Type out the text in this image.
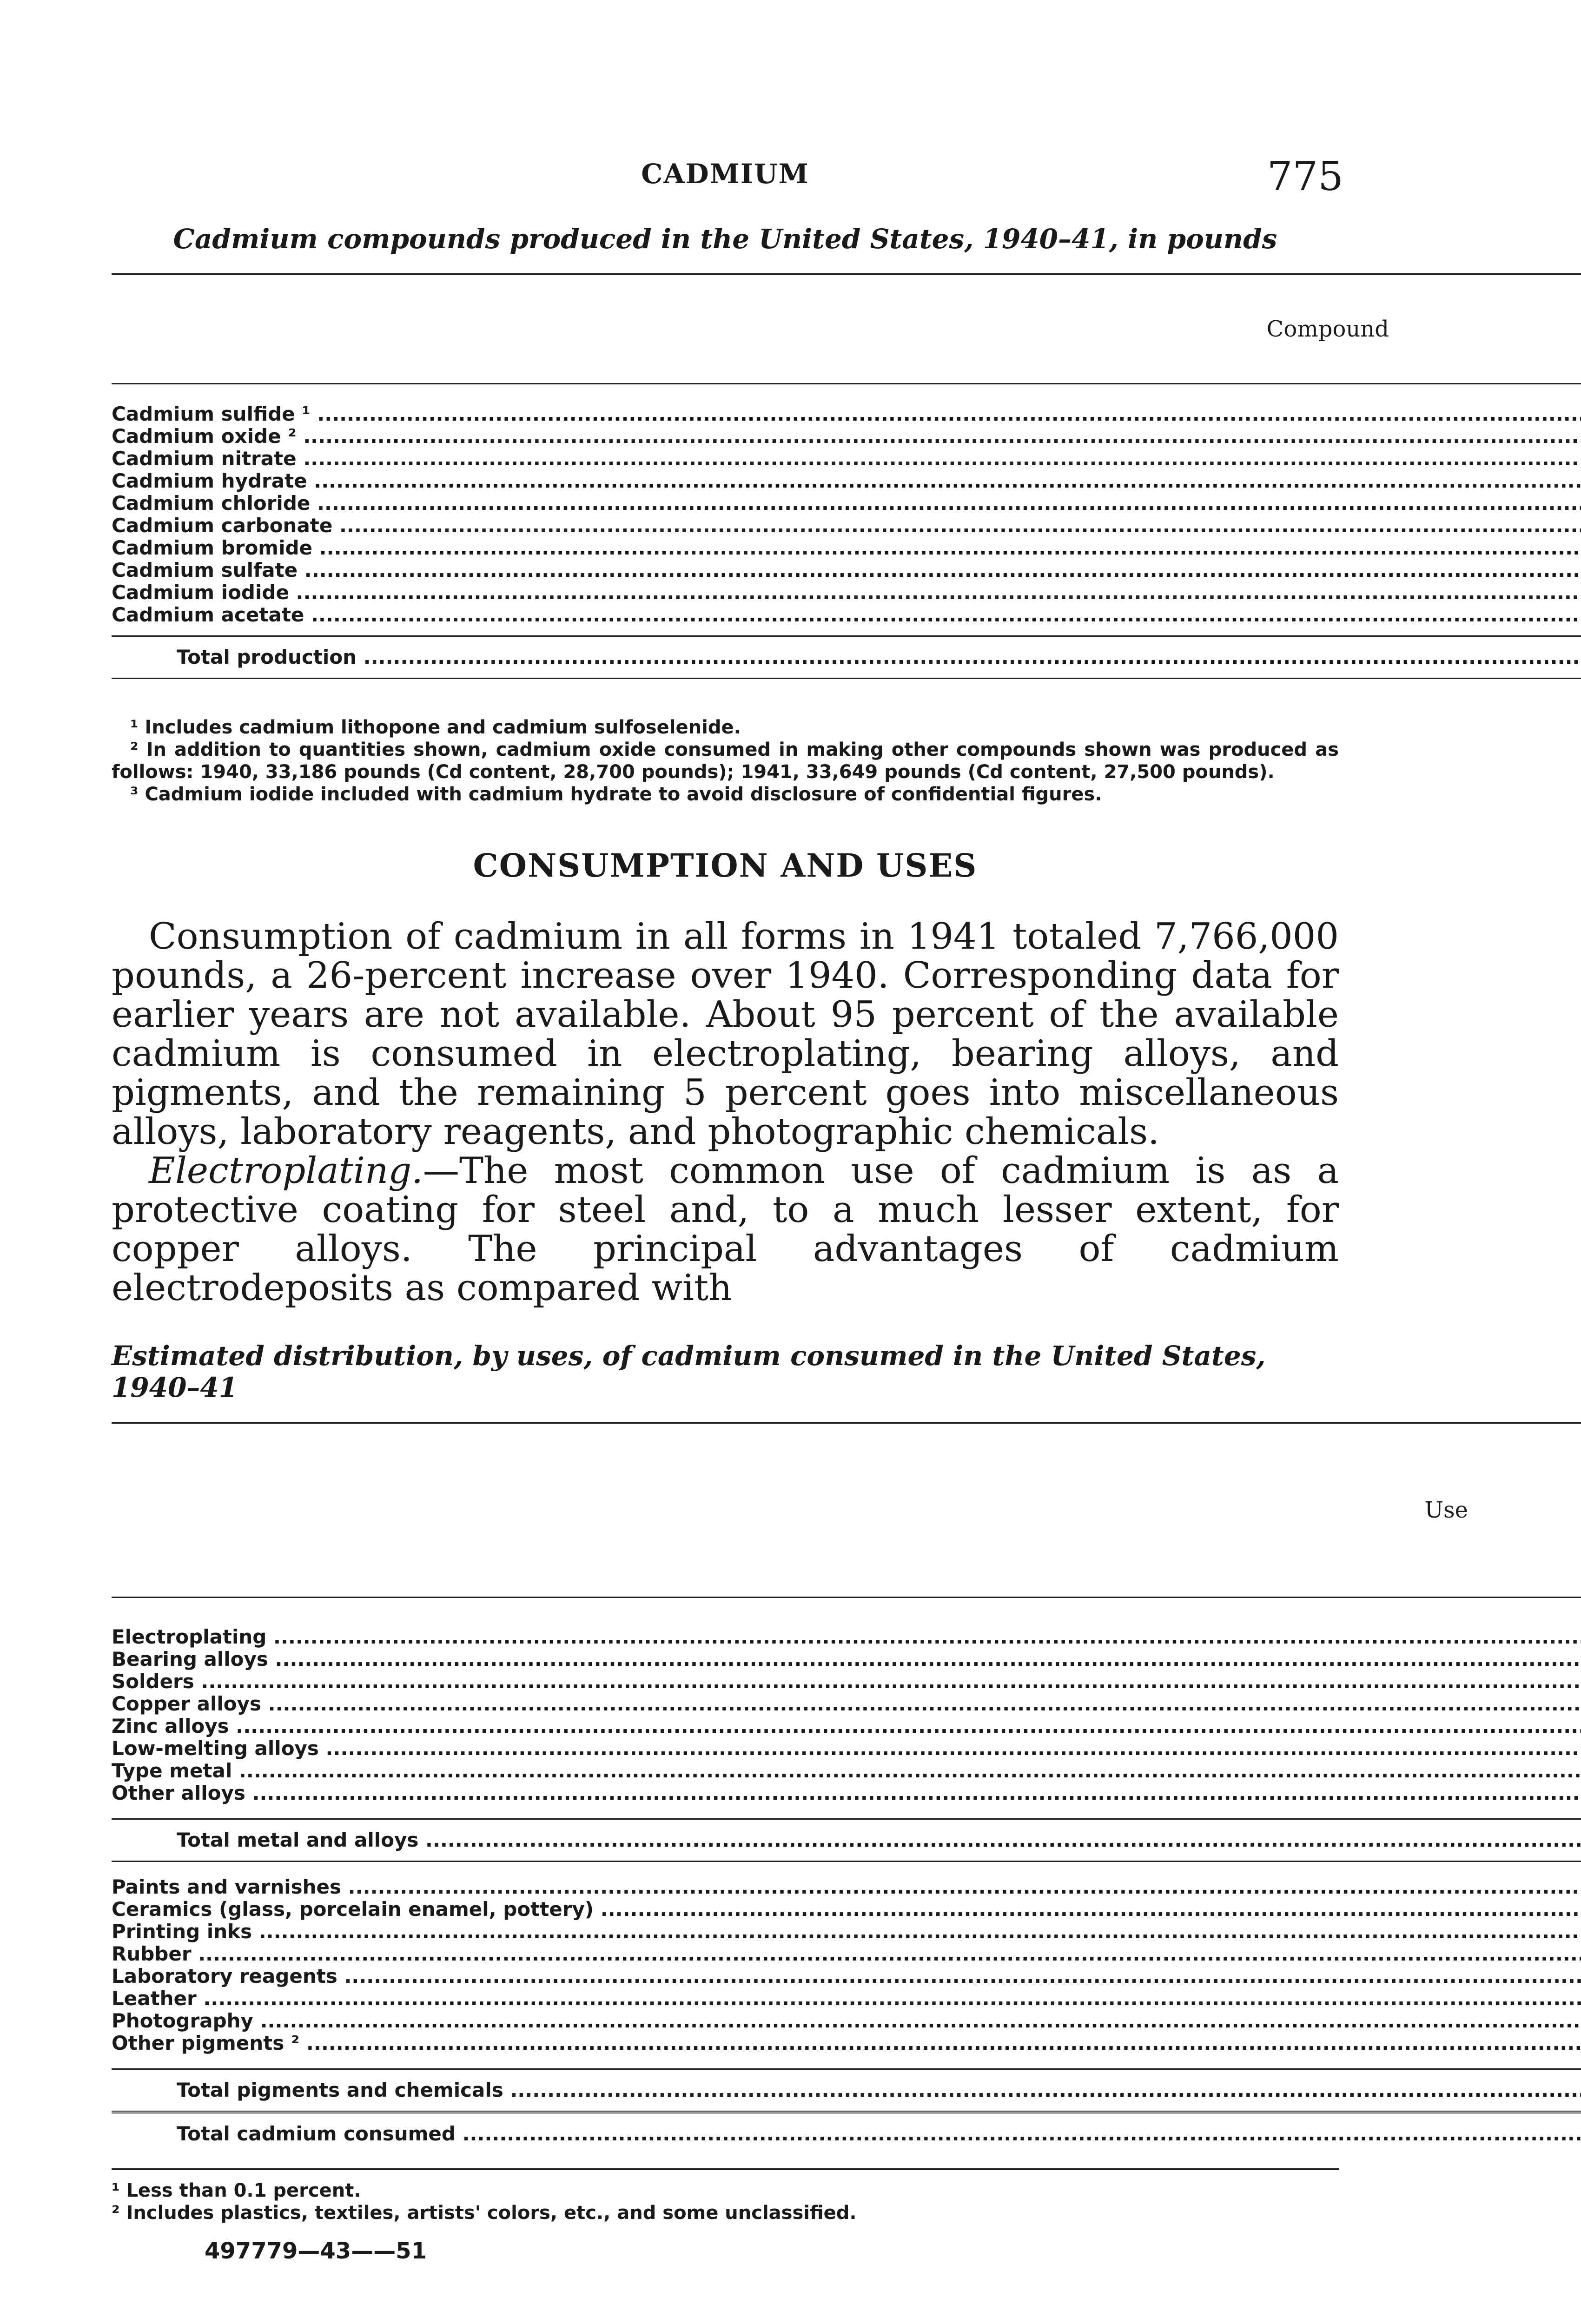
CADMIUM	775
Cadmium compounds produced in the United States, 1940–41, in pounds
Compound		

Cadmium sulfide ¹ .....

Cadmium oxide ² .....

Cadmium nitrate .....

Cadmium hydrate .....

Cadmium chloride .....

Cadmium carbonate .....

Cadmium bromide .....

Cadmium sulfate .....

Cadmium iodide .....

Cadmium acetate .....

Total production .....

¹ Includes cadmium lithopone and cadmium sulfoselenide.
² In addition to quantities shown, cadmium oxide consumed in making other compounds shown was produced as follows: 1940, 33,186 pounds (Cd content, 28,700 pounds); 1941, 33,649 pounds (Cd content, 27,500 pounds).
³ Cadmium iodide included with cadmium hydrate to avoid disclosure of confidential figures.
CONSUMPTION AND USES

Consumption of cadmium in all forms in 1941 totaled 7,766,000 pounds, a 26-percent increase over 1940. Corresponding data for earlier years are not available. About 95 percent of the available cadmium is consumed in electroplating, bearing alloys, and pigments, and the remaining 5 percent goes into miscellaneous alloys, laboratory reagents, and photographic chemicals.

Electroplating.—The most common use of cadmium is as a protective coating for steel and, to a much lesser extent, for copper alloys. The principal advantages of cadmium electrodeposits as compared with

Estimated distribution, by uses, of cadmium consumed in the United States, 1940–41
Use		

Electroplating .....

Bearing alloys .....

Solders .....

Copper alloys .....

Zinc alloys .....

Low-melting alloys .....

Type metal .....

Other alloys .....

Total metal and alloys .....

Paints and varnishes .....

Ceramics (glass, porcelain enamel, pottery) .....

Printing inks .....

Rubber .....

Laboratory reagents .....

Leather .....

Photography .....

Other pigments ² .....

Total pigments and chemicals .....

Total cadmium consumed .....

¹ Less than 0.1 percent.
² Includes plastics, textiles, artists' colors, etc., and some unclassified.
497779—43——51
